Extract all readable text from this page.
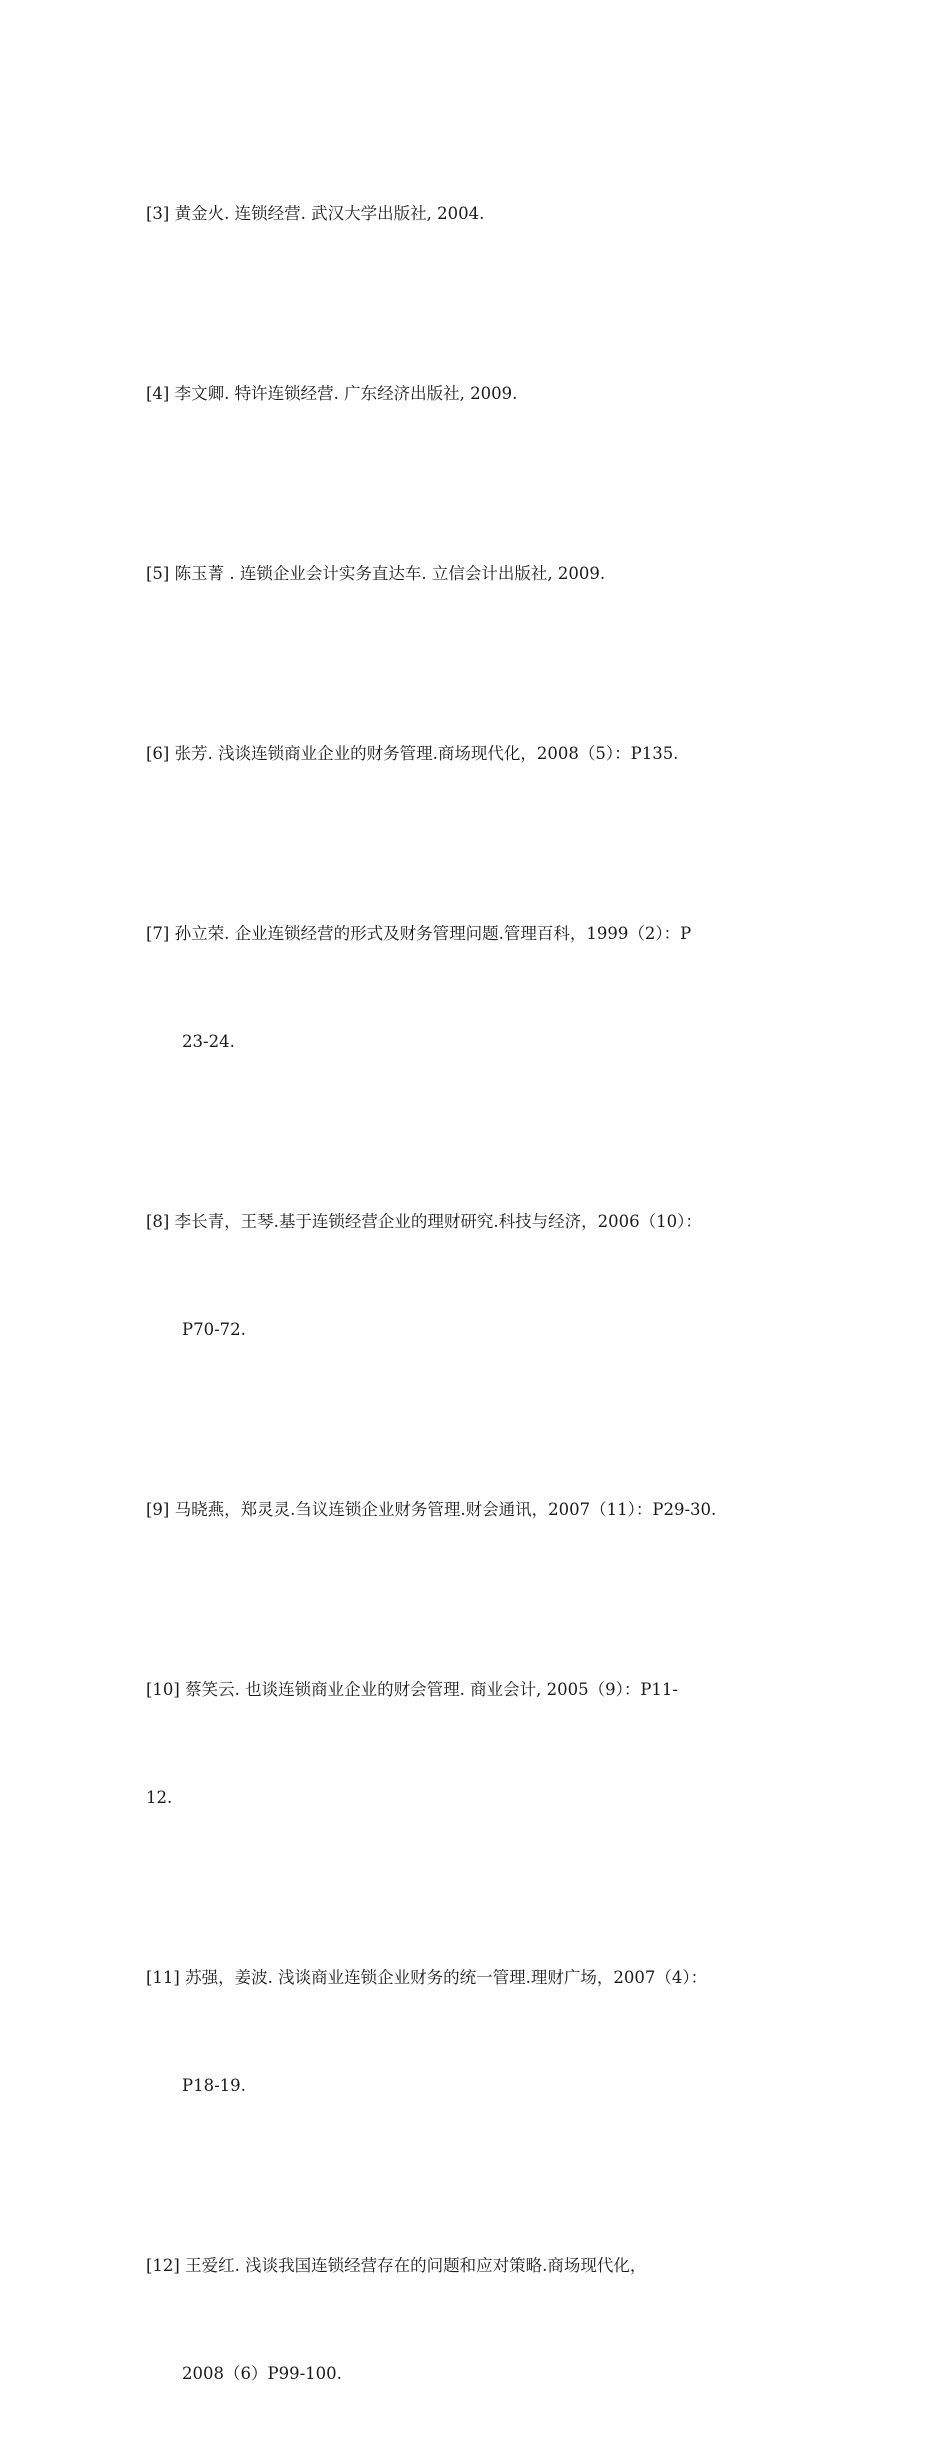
[3] 黄金火. 连锁经营. 武汉大学出版社, 2004.

[4] 李文卿. 特许连锁经营. 广东经济出版社, 2009.

[5] 陈玉菁 . 连锁企业会计实务直达车. 立信会计出版社, 2009.

[6] 张芳. 浅谈连锁商业企业的财务管理.商场现代化，2008（5）：P135.

[7] 孙立荣. 企业连锁经营的形式及财务管理问题.管理百科，1999（2）：P

23-24.

[8] 李长青，王琴.基于连锁经营企业的理财研究.科技与经济，2006（10）：

P70-72.

[9] 马晓燕，郑灵灵.刍议连锁企业财务管理.财会通讯，2007（11）：P29-30.

[10] 蔡笑云. 也谈连锁商业企业的财会管理. 商业会计, 2005（9）：P11-

12.

[11] 苏强，姜波. 浅谈商业连锁企业财务的统一管理.理财广场，2007（4）：

P18-19.

[12] 王爱红. 浅谈我国连锁经营存在的问题和应对策略.商场现代化，

2008（6）P99-100.
